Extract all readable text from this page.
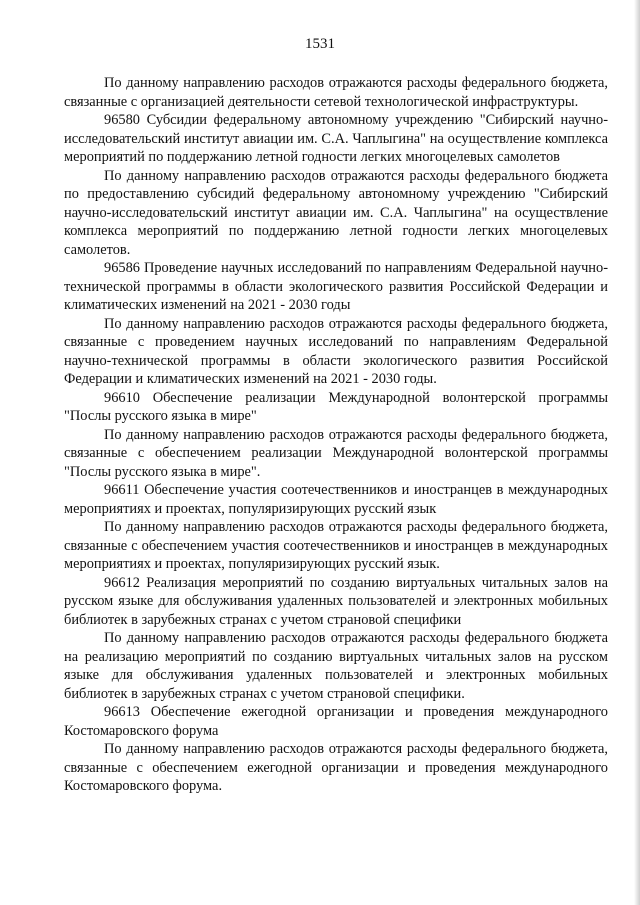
1531

По данному направлению расходов отражаются расходы федерального бюджета, связанные с организацией деятельности сетевой технологической инфраструктуры.

96580 Субсидии федеральному автономному учреждению "Сибирский научно-исследовательский институт авиации им. С.А. Чаплыгина" на осуществление комплекса мероприятий по поддержанию летной годности легких многоцелевых самолетов

По данному направлению расходов отражаются расходы федерального бюджета по предоставлению субсидий федеральному автономному учреждению "Сибирский научно-исследовательский институт авиации им. С.А. Чаплыгина" на осуществление комплекса мероприятий по поддержанию летной годности легких многоцелевых самолетов.

96586 Проведение научных исследований по направлениям Федеральной научно-технической программы в области экологического развития Российской Федерации и климатических изменений на 2021 - 2030 годы

По данному направлению расходов отражаются расходы федерального бюджета, связанные с проведением научных исследований по направлениям Федеральной научно-технической программы в области экологического развития Российской Федерации и климатических изменений на 2021 - 2030 годы.

96610 Обеспечение реализации Международной волонтерской программы "Послы русского языка в мире"

По данному направлению расходов отражаются расходы федерального бюджета, связанные с обеспечением реализации Международной волонтерской программы "Послы русского языка в мире".

96611 Обеспечение участия соотечественников и иностранцев в международных мероприятиях и проектах, популяризирующих русский язык

По данному направлению расходов отражаются расходы федерального бюджета, связанные с обеспечением участия соотечественников и иностранцев в международных мероприятиях и проектах, популяризирующих русский язык.

96612 Реализация мероприятий по созданию виртуальных читальных залов на русском языке для обслуживания удаленных пользователей и электронных мобильных библиотек в зарубежных странах с учетом страновой специфики

По данному направлению расходов отражаются расходы федерального бюджета на реализацию мероприятий по созданию виртуальных читальных залов на русском языке для обслуживания удаленных пользователей и электронных мобильных библиотек в зарубежных странах с учетом страновой специфики.

96613 Обеспечение ежегодной организации и проведения международного Костомаровского форума

По данному направлению расходов отражаются расходы федерального бюджета, связанные с обеспечением ежегодной организации и проведения международного Костомаровского форума.
